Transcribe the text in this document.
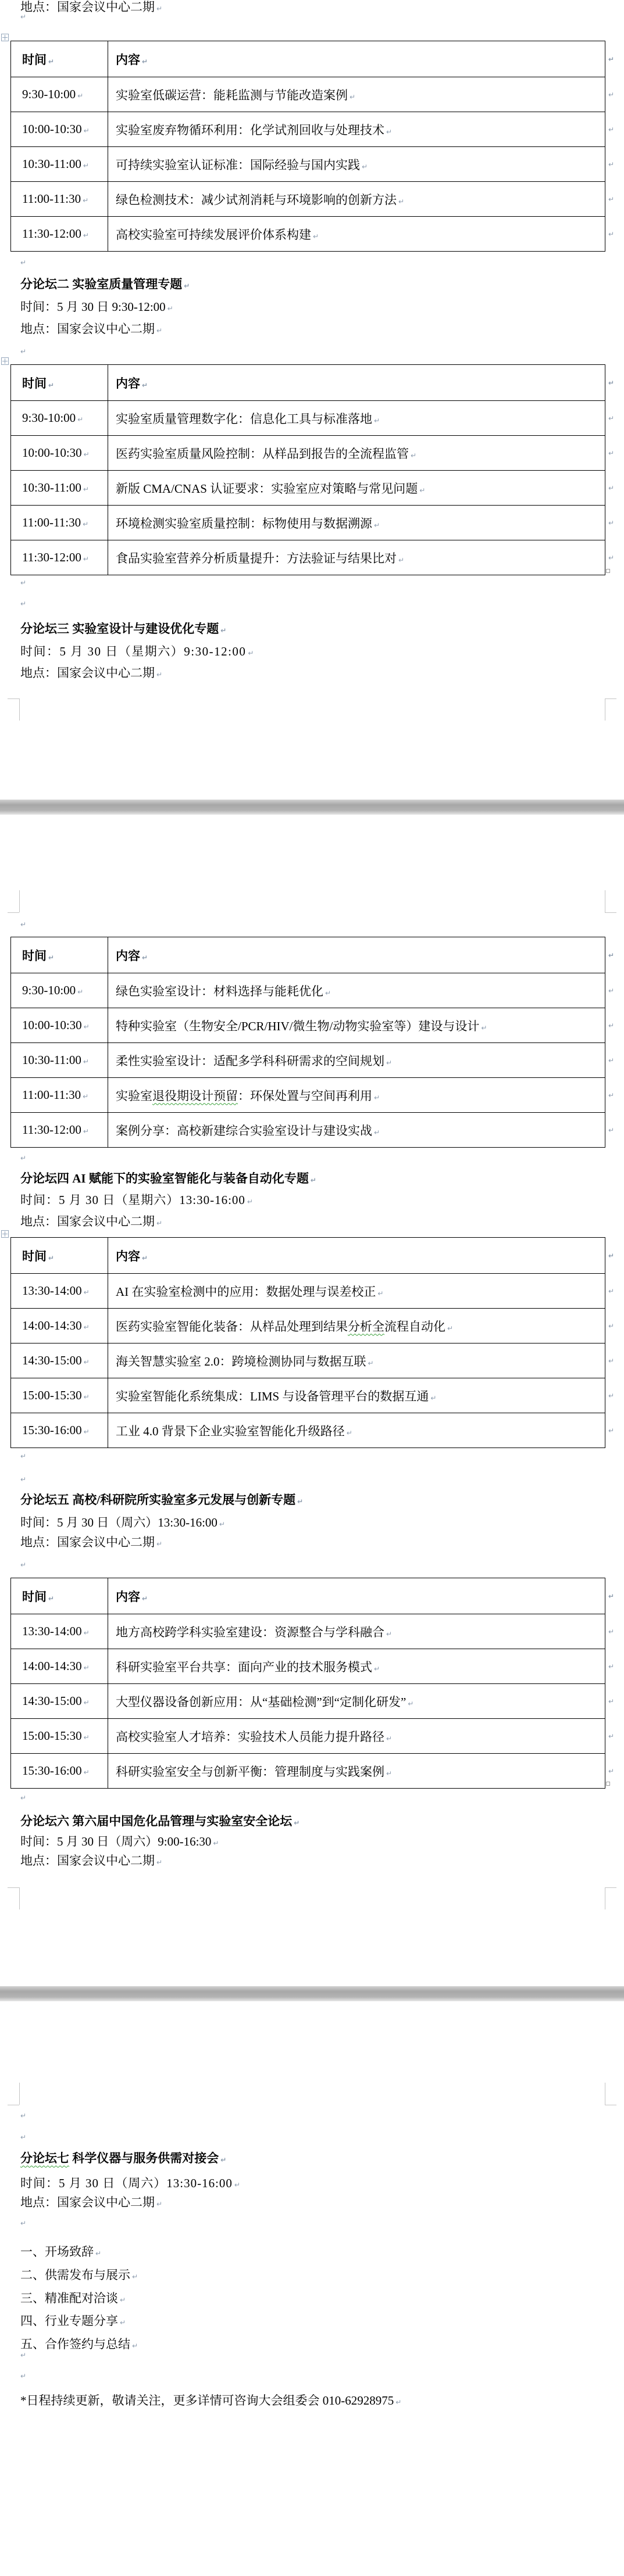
地点：国家会议中心二期 ↵
↵
时间 ↵	内容 ↵	↵
9:30-10:00 ↵	实验室低碳运营：能耗监测与节能改造案例 ↵	↵
10:00-10:30 ↵	实验室废弃物循环利用：化学试剂回收与处理技术 ↵	↵
10:30-11:00 ↵	可持续实验室认证标准：国际经验与国内实践 ↵	↵
11:00-11:30 ↵	绿色检测技术：减少试剂消耗与环境影响的创新方法 ↵	↵
11:30-12:00 ↵	高校实验室可持续发展评价体系构建 ↵	↵
↵
分论坛二 实验室质量管理专题 ↵
时间：5 月 30 日 9:30-12:00 ↵
地点：国家会议中心二期 ↵
↵
时间 ↵	内容 ↵	↵
9:30-10:00 ↵	实验室质量管理数字化：信息化工具与标准落地 ↵	↵
10:00-10:30 ↵	医药实验室质量风险控制：从样品到报告的全流程监管 ↵	↵
10:30-11:00 ↵	新版 CMA/CNAS 认证要求：实验室应对策略与常见问题 ↵	↵
11:00-11:30 ↵	环境检测实验室质量控制：标物使用与数据溯源 ↵	↵
11:30-12:00 ↵	食品实验室营养分析质量提升：方法验证与结果比对 ↵	↵
↵
↵
分论坛三 实验室设计与建设优化专题 ↵
时间：5 月 30 日（星期六）9:30-12:00 ↵
地点：国家会议中心二期 ↵
↵
时间 ↵	内容 ↵	↵
9:30-10:00 ↵	绿色实验室设计：材料选择与能耗优化 ↵	↵
10:00-10:30 ↵	特种实验室（生物安全/PCR/HIV/微生物/动物实验室等）建设与设计 ↵	↵
10:30-11:00 ↵	柔性实验室设计：适配多学科科研需求的空间规划 ↵	↵
11:00-11:30 ↵	实验室退役期设计预留：环保处置与空间再利用 ↵	↵
11:30-12:00 ↵	案例分享：高校新建综合实验室设计与建设实战 ↵	↵
↵
分论坛四 AI 赋能下的实验室智能化与装备自动化专题 ↵
时间：5 月 30 日（星期六）13:30-16:00 ↵
地点：国家会议中心二期 ↵
时间 ↵	内容 ↵	↵
13:30-14:00 ↵	AI 在实验室检测中的应用：数据处理与误差校正 ↵	↵
14:00-14:30 ↵	医药实验室智能化装备：从样品处理到结果分析全流程自动化 ↵	↵
14:30-15:00 ↵	海关智慧实验室 2.0：跨境检测协同与数据互联 ↵	↵
15:00-15:30 ↵	实验室智能化系统集成：LIMS 与设备管理平台的数据互通 ↵	↵
15:30-16:00 ↵	工业 4.0 背景下企业实验室智能化升级路径 ↵	↵
↵
↵
分论坛五 高校/科研院所实验室多元发展与创新专题 ↵
时间：5 月 30 日（周六）13:30-16:00 ↵
地点：国家会议中心二期 ↵
↵
时间 ↵	内容 ↵	↵
13:30-14:00 ↵	地方高校跨学科实验室建设：资源整合与学科融合 ↵	↵
14:00-14:30 ↵	科研实验室平台共享：面向产业的技术服务模式 ↵	↵
14:30-15:00 ↵	大型仪器设备创新应用：从“基础检测”到“定制化研发” ↵	↵
15:00-15:30 ↵	高校实验室人才培养：实验技术人员能力提升路径 ↵	↵
15:30-16:00 ↵	科研实验室安全与创新平衡：管理制度与实践案例 ↵	↵
↵
分论坛六 第六届中国危化品管理与实验室安全论坛 ↵
时间：5 月 30 日（周六）9:00-16:30 ↵
地点：国家会议中心二期 ↵
↵
↵
分论坛七 科学仪器与服务供需对接会 ↵
时间：5 月 30 日（周六）13:30-16:00 ↵
地点：国家会议中心二期 ↵
↵
一、开场致辞 ↵
二、供需发布与展示 ↵
三、精准配对洽谈 ↵
四、行业专题分享 ↵
五、合作签约与总结 ↵
↵
↵
*日程持续更新，敬请关注，更多详情可咨询大会组委会 010-62928975 ↵
